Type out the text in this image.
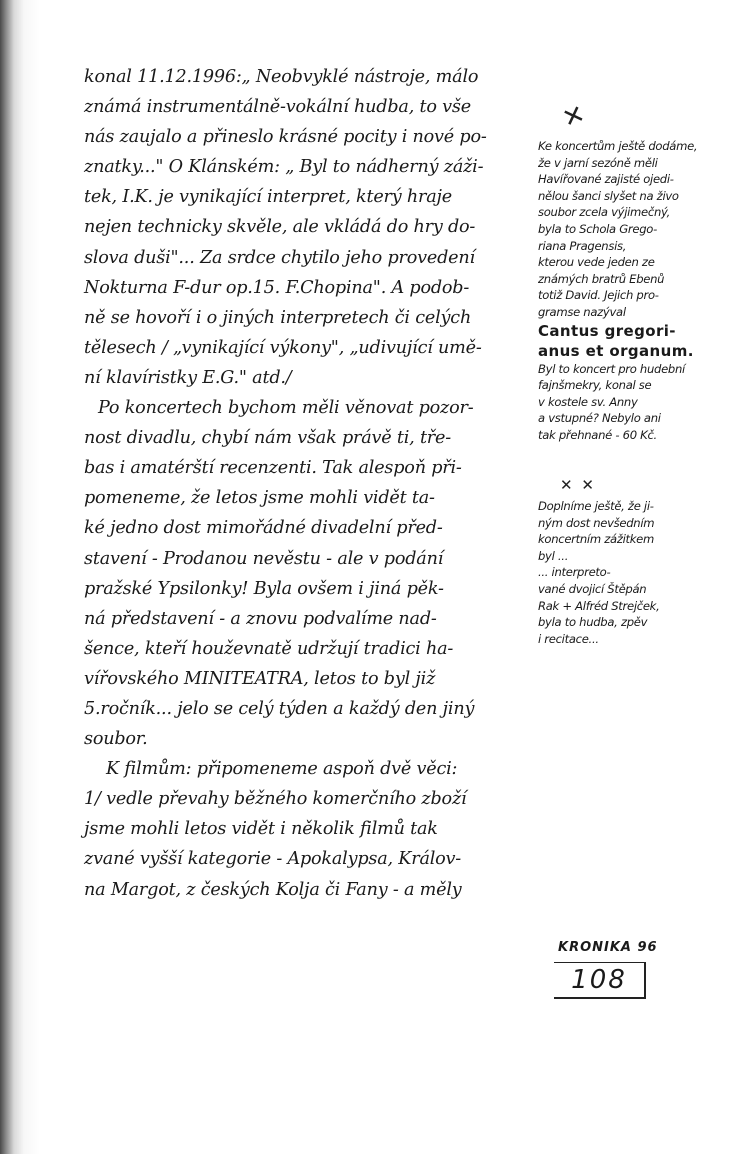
konal 11.12.1996:„ Neobvyklé nástroje, málo
známá instrumentálně-vokální hudba, to vše
nás zaujalo a přineslo krásné pocity i nové po-
znatky..." O Klánském: „ Byl to nádherný záži-
tek, I.K. je vynikající interpret, který hraje
nejen technicky skvěle, ale vkládá do hry do-
slova duši"... Za srdce chytilo jeho provedení
Nokturna F-dur op.15. F.Chopina". A podob-
ně se hovoří i o jiných interpretech či celých
tělesech / „vynikající výkony", „udivující umě-
ní klavíristky E.G." atd./
Po koncertech bychom měli věnovat pozor-
nost divadlu, chybí nám však právě ti, tře-
bas i amatérští recenzenti. Tak alespoň při-
pomeneme, že letos jsme mohli vidět ta-
ké jedno dost mimořádné divadelní před-
stavení - Prodanou nevěstu - ale v podání
pražské Ypsilonky! Byla ovšem i jiná pěk-
ná představení - a znovu podvalíme nad-
šence, kteří houževnatě udržují tradici ha-
vířovského MINITEATRA, letos to byl již
5.ročník... jelo se celý týden a každý den jiný
soubor.
K filmům: připomeneme aspoň dvě věci:
1/ vedle převahy běžného komerčního zboží
jsme mohli letos vidět i několik filmů tak
zvané vyšší kategorie - Apokalypsa, Králov-
na Margot, z českých Kolja či Fany - a měly
✕
Ke koncertům ještě dodáme,
že v jarní sezóně měli
Havířované zajisté ojedi-
nělou šanci slyšet na živo
soubor zcela výjimečný,
byla to Schola Grego-
riana Pragensis,
kterou vede jeden ze
známých bratrů Ebenů
totiž David. Jejich pro-
gramse nazýval
Cantus gregori-
anus et organum.
Byl to koncert pro hudební
fajnšmekry, konal se
v kostele sv. Anny
a vstupné? Nebylo ani
tak přehnané - 60 Kč.
✕ ✕
Doplníme ještě, že ji-
ným dost nevšedním
koncertním zážitkem
byl ...
... interpreto-
vané dvojicí Štěpán
Rak + Alfréd Strejček,
byla to hudba, zpěv
i recitace...
KRONIKA 96
108
